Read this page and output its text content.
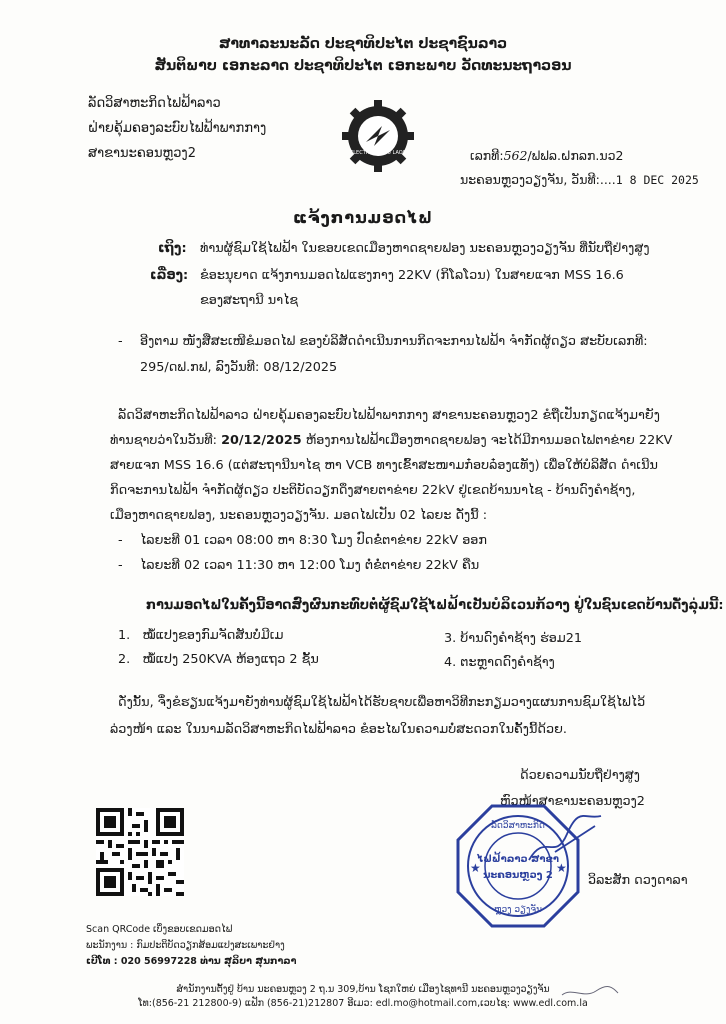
ສາທາລະນະລັດ ປະຊາທິປະໄຕ ປະຊາຊົນລາວ
ສັນຕິພາບ ເອກະລາດ ປະຊາທິປະໄຕ ເອກະພາບ ວັດທະນະຖາວອນ
ລັດວິສາຫະກິດໄຟຟ້າລາວ
ຝ່າຍຄຸ້ມຄອງລະບົບໄຟຟ້າພາກກາງ
ສາຂານະຄອນຫຼວງ2	ELECTRICITE DU LAOS	ເລກທີ:562/ຟຟລ.ຝກລກ.ນວ2
ນະຄອນຫຼວງວຽງຈັນ, ວັນທີ:....1 8 DEC 2025
ແຈ້ງການມອດໄຟ
ເຖິງ: ທ່ານຜູ້ຊົມໃຊ້ໄຟຟ້າ ໃນຂອບເຂດເມືອງຫາດຊາຍຟອງ ນະຄອນຫຼວງວຽງຈັນ ທີ່ນັບຖືຢ່າງສູງ
ເລື່ອງ: ຂໍອະນຸຍາດ ແຈ້ງການມອດໄຟແຮງກາງ 22KV (ກິໂລໂວນ) ໃນສາຍແຈກ MSS 16.6
ຂອງສະຖານີ ນາໄຊ
- ອີງຕາມ ໜັງສືສະເໜີຂໍມອດໄຟ ຂອງບໍລິສັດດຳເນີນການກິດຈະການໄຟຟ້າ ຈຳກັດຜູ້ດຽວ ສະບັບເລກທີ:
295/ດຟ.ກຟ, ລົງວັນທີ: 08/12/2025
ລັດວິສາຫະກິດໄຟຟ້າລາວ ຝ່າຍຄຸ້ມຄອງລະບົບໄຟຟ້າພາກກາງ ສາຂານະຄອນຫຼວງ2 ຂໍຖືເປັນກຽດແຈ້ງມາຍັງ
ທ່ານຊາບວ່າໃນວັນທີ: 20/12/2025 ຫ້ອງການໄຟຟ້າເມືອງຫາດຊາຍຟອງ ຈະໄດ້ມີການມອດໄຟຕາຂ່າຍ 22KV
ສາຍແຈກ MSS 16.6 (ແຕ່ສະຖານີນາໄຊ ຫາ VCB ທາງເຂົ້າສະໜາມກ໋ອບລ໋ອງແທັງ) ເພື່ອໃຫ້ບໍລິສັດ ດຳເນີນ
ກິດຈະການໄຟຟ້າ ຈຳກັດຜູ້ດຽວ ປະຕິບັດວຽກດຶງສາຍຕາຂ່າຍ 22kV ຢູ່ເຂດບ້ານນາໄຊ - ບ້ານດົງຄຳຊ້າງ,
ເມືອງຫາດຊາຍຟອງ, ນະຄອນຫຼວງວຽງຈັນ. ມອດໄຟເປັນ 02 ໄລຍະ ດັ່ງນີ້ :
- ໄລຍະທີ 01 ເວລາ 08:00 ຫາ 8:30 ໂມງ ປົດຂໍ່ຕາຂ່າຍ 22kV ອອກ
- ໄລຍະທີ 02 ເວລາ 11:30 ຫາ 12:00 ໂມງ ຕໍ່ຂໍ່ຕາຂ່າຍ 22kV ຄືນ
ການມອດໄຟໃນຄັ້ງນີ້ອາດສົ່ງຜົນກະທົບຕໍ່ຜູ້ຊົມໃຊ້ໄຟຟ້າເປັນບໍລິເວນກ້ວາງ ຢູ່ໃນຊົນເຂດບ້ານດັ່ງລຸ່ມນີ້:
1. ໝໍ້ແປງຂອງກົມຈັດສັນບໍ່ມີເມ
2. ໝໍ້ແປງ 250KVA ຫ້ອງແຖວ 2 ຊັ້ນ
3. ບ້ານດົງຄຳຊ້າງ ຮ່ອມ21
4. ຕະຫຼາດດົງຄຳຊ້າງ
ດັ່ງນັ້ນ, ຈຶ່ງຂໍຮຽນແຈ້ງມາຍັງທ່ານຜູ້ຊົມໃຊ້ໄຟຟ້າໄດ້ຮັບຊາບເພື່ອຫາວິທີກະກຽມວາງແຜນການຊົມໃຊ້ໄຟໄວ້
ລ່ວງໜ້າ ແລະ ໃນນາມລັດວິສາຫະກິດໄຟຟ້າລາວ ຂໍອະໄພໃນຄວາມບໍ່ສະດວກໃນຄັ້ງນີ້ດ້ວຍ.
ດ້ວຍຄວາມນັບຖືຢ່າງສູງ
ຫົວໜ້າສາຂານະຄອນຫຼວງ2
ລັດວິສາຫະກິດ
ໄຟຟ້າລາວ ສາຂາ
ນະຄອນຫຼວງ 2
ຫຼວງ ວຽງຈັນ
★	★
ວິລະສັກ ດວງດາລາ
Scan QRCode ເບິ່ງຂອບເຂດມອດໄຟ
ພະນັກງານ : ກົມປະຕິບັດວຽກສ້ອມແປງສະເພາະຢ່າງ
ເບີໂທ : 020 56997228 ທ່ານ ສຸລິບາ ສຸນກາລາ
ສຳນັກງານຕັ້ງຢູ່ ບ້ານ ນະຄອນຫຼວງ 2 ຖ.ນ 309,ບ້ານ ໂຊກໃຫຍ່ ເມືອງໄຊທານີ ນະຄອນຫຼວງວຽງຈັນ
ໂທ:(856-21 212800-9) ແຟັກ (856-21)212807 ອີເມວ: edl.mo@hotmail.com,ເວບໄຊ: www.edl.com.la
